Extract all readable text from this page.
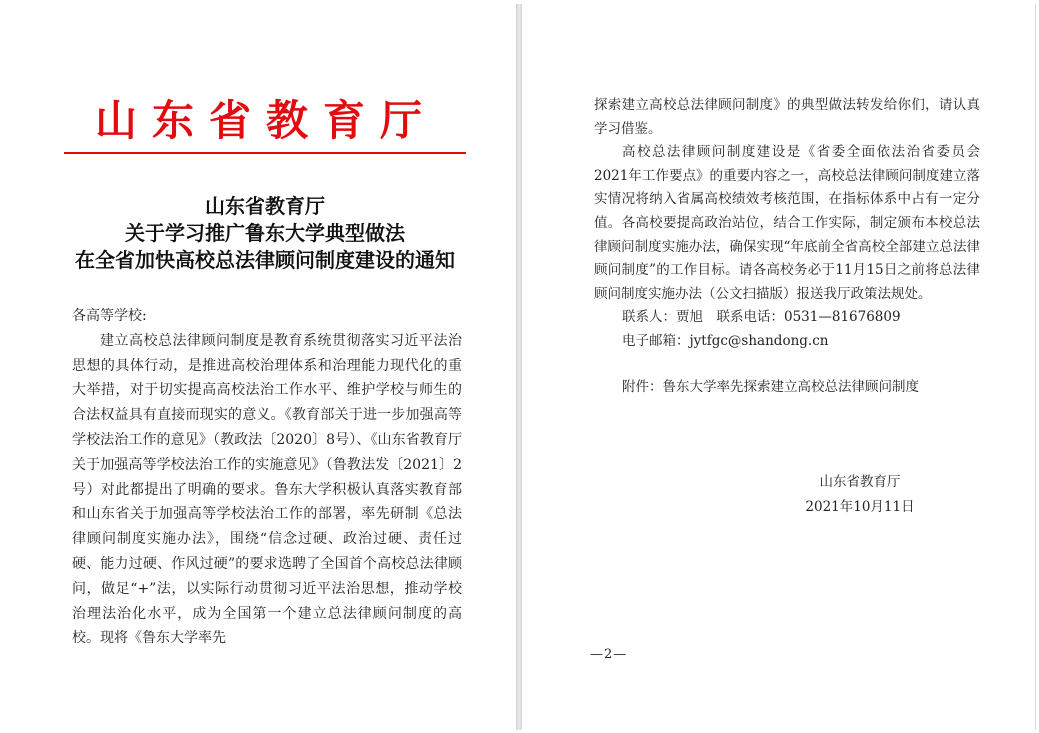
山东省教育厅
山东省教育厅
关于学习推广鲁东大学典型做法
在全省加快高校总法律顾问制度建设的通知

各高等学校:

建立高校总法律顾问制度是教育系统贯彻落实习近平法治思想的具体行动，是推进高校治理体系和治理能力现代化的重大举措，对于切实提高高校法治工作水平、维护学校与师生的合法权益具有直接而现实的意义。《教育部关于进一步加强高等学校法治工作的意见》（教政法〔2020〕8号）、《山东省教育厅关于加强高等学校法治工作的实施意见》（鲁教法发〔2021〕2号）对此都提出了明确的要求。鲁东大学积极认真落实教育部和山东省关于加强高等学校法治工作的部署，率先研制《总法律顾问制度实施办法》，围绕“信念过硬、政治过硬、责任过硬、能力过硬、作风过硬”的要求选聘了全国首个高校总法律顾问，做足“+”法，以实际行动贯彻习近平法治思想，推动学校治理法治化水平，成为全国第一个建立总法律顾问制度的高校。现将《鲁东大学率先

探索建立高校总法律顾问制度》的典型做法转发给你们，请认真学习借鉴。

高校总法律顾问制度建设是《省委全面依法治省委员会2021年工作要点》的重要内容之一，高校总法律顾问制度建立落实情况将纳入省属高校绩效考核范围，在指标体系中占有一定分值。各高校要提高政治站位，结合工作实际，制定颁布本校总法律顾问制度实施办法，确保实现“年底前全省高校全部建立总法律顾问制度”的工作目标。请各高校务必于11月15日之前将总法律顾问制度实施办法（公文扫描版）报送我厅政策法规处。

联系人：贾旭　联系电话：0531—81676809

电子邮箱：jytfgc@shandong.cn

附件：鲁东大学率先探索建立高校总法律顾问制度

山东省教育厅
2021年10月11日
—2—
